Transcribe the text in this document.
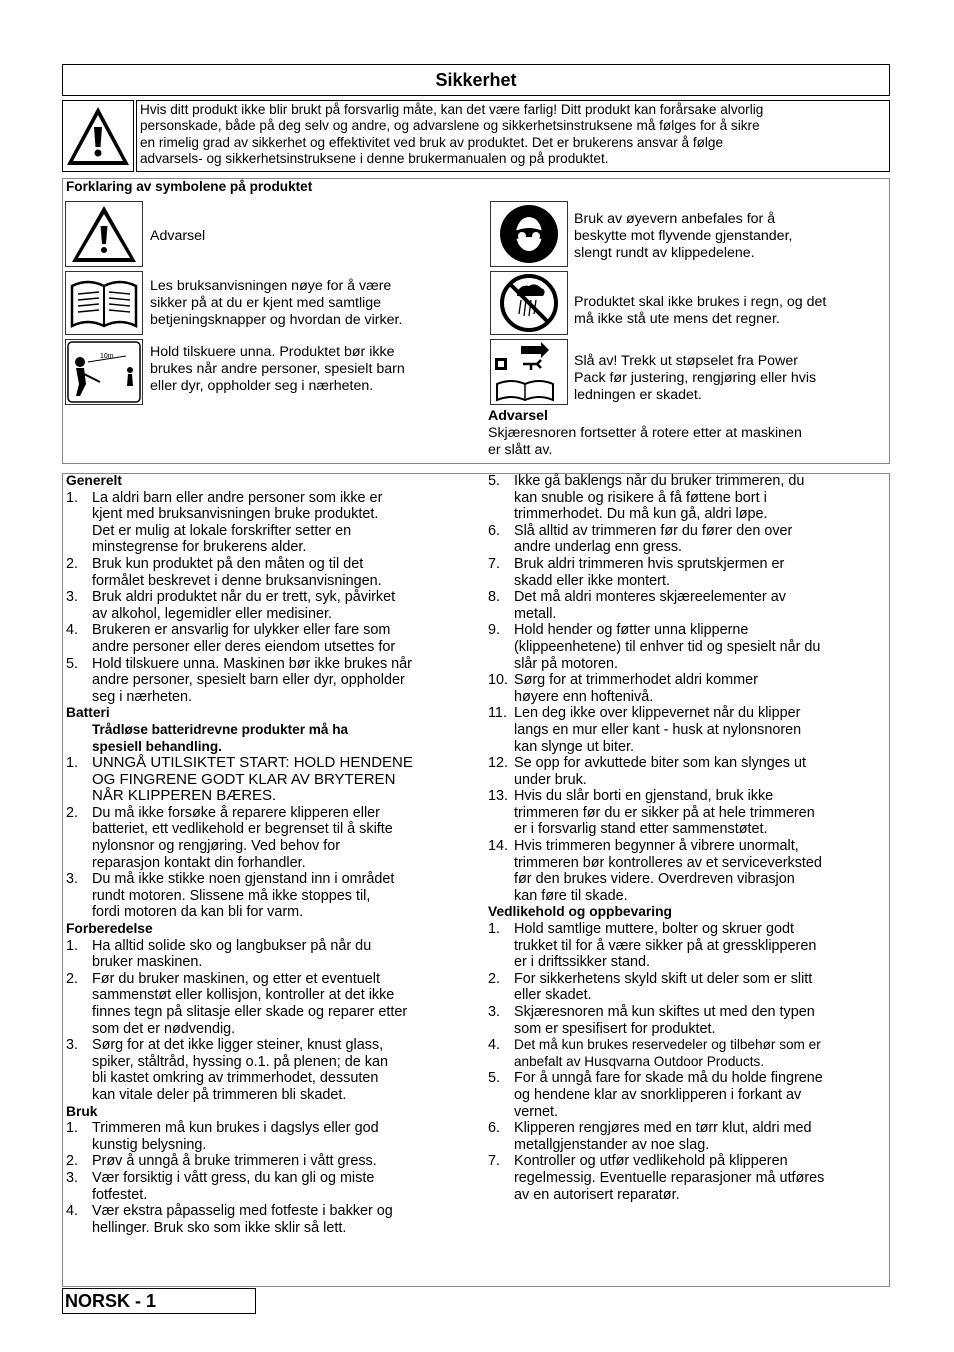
Sikkerhet
Hvis ditt produkt ikke blir brukt på forsvarlig måte, kan det være farlig! Ditt produkt kan forårsake alvorlig
personskade, både på deg selv og andre, og advarslene og sikkerhetsinstruksene må følges for å sikre
en rimelig grad av sikkerhet og effektivitet ved bruk av produktet. Det er brukerens ansvar å følge
advarsels- og sikkerhetsinstruksene i denne brukermanualen og på produktet.
Forklaring av symbolene på produktet
Advarsel
Les bruksanvisningen nøye for å være
sikker på at du er kjent med samtlige
betjeningsknapper og hvordan de virker.
10m	Hold tilskuere unna. Produktet bør ikke
brukes når andre personer, spesielt barn
eller dyr, oppholder seg i nærheten.
Bruk av øyevern anbefales for å
beskytte mot flyvende gjenstander,
slengt rundt av klippedelene.
Produktet skal ikke brukes i regn, og det
må ikke stå ute mens det regner.
Slå av! Trekk ut støpselet fra Power
Pack før justering, rengjøring eller hvis
ledningen er skadet.
Advarsel
Skjæresnoren fortsetter å rotere etter at maskinen
er slått av.
Generelt
1. La aldri barn eller andre personer som ikke er
kjent med bruksanvisningen bruke produktet.
Det er mulig at lokale forskrifter setter en
minstegrense for brukerens alder.
2. Bruk kun produktet på den måten og til det
formålet beskrevet i denne bruksanvisningen.
3. Bruk aldri produktet når du er trett, syk, påvirket
av alkohol, legemidler eller medisiner.
4. Brukeren er ansvarlig for ulykker eller fare som
andre personer eller deres eiendom utsettes for
5. Hold tilskuere unna. Maskinen bør ikke brukes når
andre personer, spesielt barn eller dyr, oppholder
seg i nærheten.
Batteri
Trådløse batteridrevne produkter må ha
spesiell behandling.
1. UNNGÅ UTILSIKTET START: HOLD HENDENE
OG FINGRENE GODT KLAR AV BRYTEREN
NÅR KLIPPEREN BÆRES.
2. Du må ikke forsøke å reparere klipperen eller
batteriet, ett vedlikehold er begrenset til å skifte
nylonsnor og rengjøring. Ved behov for
reparasjon kontakt din forhandler.
3. Du må ikke stikke noen gjenstand inn i området
rundt motoren. Slissene må ikke stoppes til,
fordi motoren da kan bli for varm.
Forberedelse
1. Ha alltid solide sko og langbukser på når du
bruker maskinen.
2. Før du bruker maskinen, og etter et eventuelt
sammenstøt eller kollisjon, kontroller at det ikke
finnes tegn på slitasje eller skade og reparer etter
som det er nødvendig.
3. Sørg for at det ikke ligger steiner, knust glass,
spiker, ståltråd, hyssing o.1. på plenen; de kan
bli kastet omkring av trimmerhodet, dessuten
kan vitale deler på trimmeren bli skadet.
Bruk
1. Trimmeren må kun brukes i dagslys eller god
kunstig belysning.
2. Prøv å unngå å bruke trimmeren i vått gress.
3. Vær forsiktig i vått gress, du kan gli og miste
fotfestet.
4. Vær ekstra påpasselig med fotfeste i bakker og
hellinger. Bruk sko som ikke sklir så lett.
5. Ikke gå baklengs når du bruker trimmeren, du
kan snuble og risikere å få føttene bort i
trimmerhodet. Du må kun gå, aldri løpe.
6. Slå alltid av trimmeren før du fører den over
andre underlag enn gress.
7. Bruk aldri trimmeren hvis sprutskjermen er
skadd eller ikke montert.
8. Det må aldri monteres skjæreelementer av
metall.
9. Hold hender og føtter unna klipperne
(klippeenhetene) til enhver tid og spesielt når du
slår på motoren.
10. Sørg for at trimmerhodet aldri kommer
høyere enn hoftenivå.
11. Len deg ikke over klippevernet når du klipper
langs en mur eller kant - husk at nylonsnoren
kan slynge ut biter.
12. Se opp for avkuttede biter som kan slynges ut
under bruk.
13. Hvis du slår borti en gjenstand, bruk ikke
trimmeren før du er sikker på at hele trimmeren
er i forsvarlig stand etter sammenstøtet.
14. Hvis trimmeren begynner å vibrere unormalt,
trimmeren bør kontrolleres av et serviceverksted
før den brukes videre. Overdreven vibrasjon
kan føre til skade.
Vedlikehold og oppbevaring
1. Hold samtlige muttere, bolter og skruer godt
trukket til for å være sikker på at gressklipperen
er i driftssikker stand.
2. For sikkerhetens skyld skift ut deler som er slitt
eller skadet.
3. Skjæresnoren må kun skiftes ut med den typen
som er spesifisert for produktet.
4.	Det må kun brukes reservedeler og tilbehør som er
anbefalt av Husqvarna Outdoor Products.
5. For å unngå fare for skade må du holde fingrene
og hendene klar av snorklipperen i forkant av
vernet.
6. Klipperen rengjøres med en tørr klut, aldri med
metallgjenstander av noe slag.
7. Kontroller og utfør vedlikehold på klipperen
regelmessig. Eventuelle reparasjoner må utføres
av en autorisert reparatør.
NORSK - 1
